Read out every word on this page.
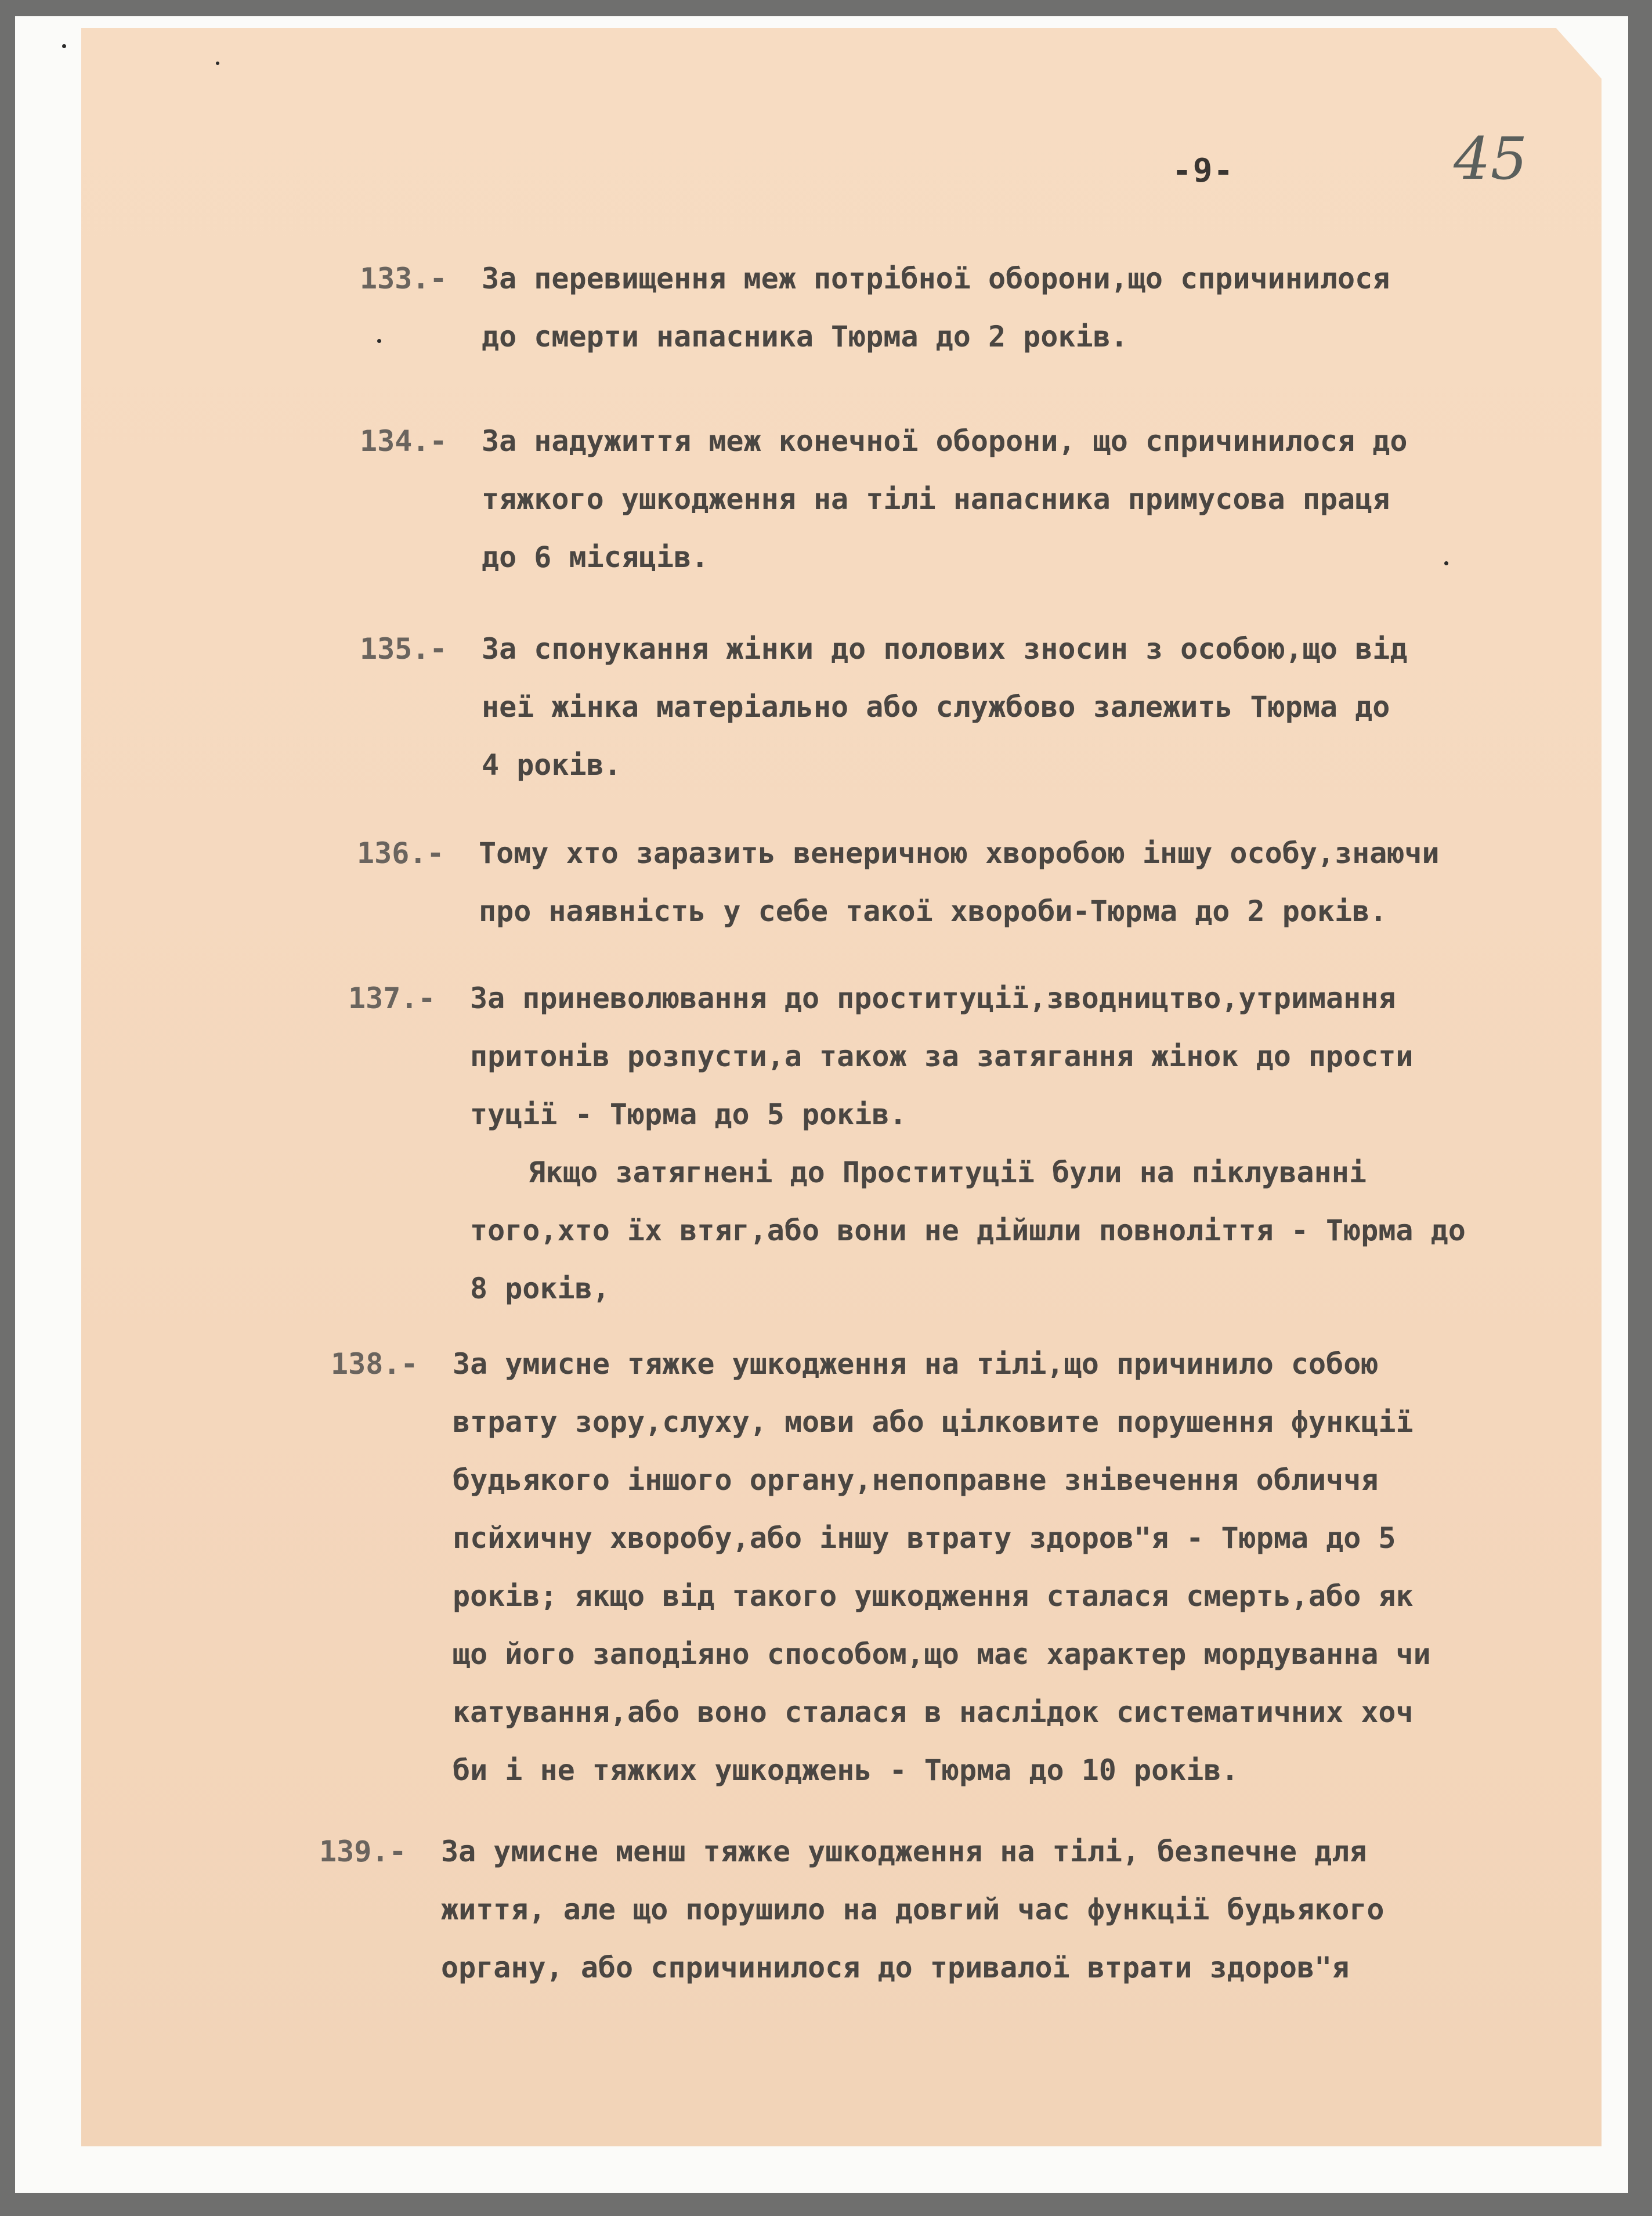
-9-	45
133.- За перевищення меж потрібної оборони,що спричинилося
до смерти напасника Тюрма до 2 років.
134.- За надужиття меж конечної оборони, що спричинилося до
тяжкого ушкодження на тілі напасника примусова праця
до 6 місяців.
135.- За спонукання жінки до полових зносин з особою,що від
неї жінка матеріально або службово залежить Тюрма до
4 років.
136.- Тому хто заразить венеричною хворобою іншу особу,знаючи
про наявність у себе такої хвороби-Тюрма до 2 років.
137.- За приневолювання до проституції,зводництво,утримання
притонів розпусти,а також за затягання жінок до прости
туції - Тюрма до 5 років.
Якщо затягнені до Проституції були на піклуванні
того,хто їх втяг,або вони не дійшли повноліття - Тюрма до
8 років,
138.- За умисне тяжке ушкодження на тілі,що причинило собою
втрату зору,слуху, мови або цілковите порушення функції
будьякого іншого органу,непоправне знівечення обличчя
псйхичну хворобу,або іншу втрату здоров"я - Тюрма до 5
років; якщо від такого ушкодження сталася смерть,або як
що його заподіяно способом,що має характер мордуванна чи
катування,або воно сталася в наслідок систематичних хоч
би і не тяжких ушкоджень - Тюрма до 10 років.
139.- За умисне менш тяжке ушкодження на тілі, безпечне для
життя, але що порушило на довгий час функції будьякого
органу, або спричинилося до тривалої втрати здоров"я
